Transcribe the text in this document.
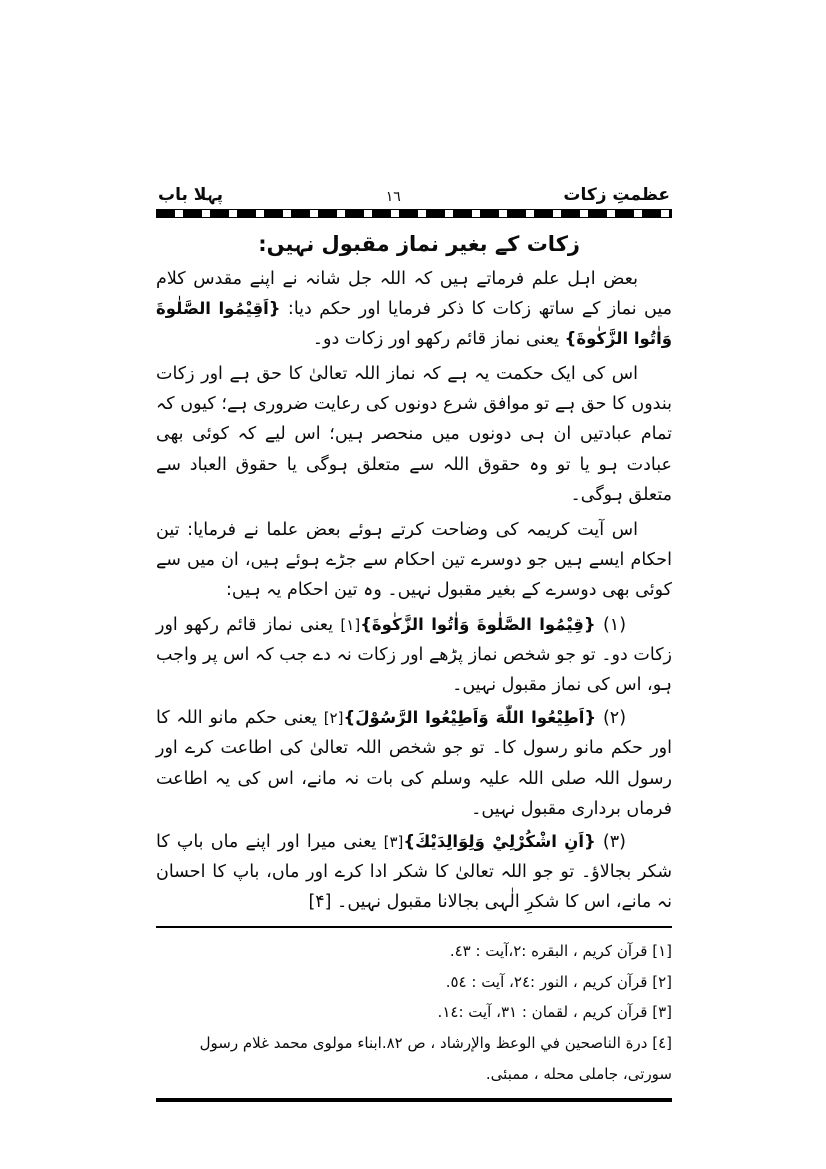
عظمتِ زکات
١٦
پہلا باب
زکات کے بغیر نماز مقبول نہیں:

بعض اہل علم فرماتے ہیں کہ اللہ جل شانہ نے اپنے مقدس کلام میں نماز کے ساتھ زکات کا ذکر فرمایا اور حکم دیا: {اَقِيْمُوا الصَّلٰوةَ وَاٰتُوا الزَّكٰوةَ} یعنی نماز قائم رکھو اور زکات دو۔

اس کی ایک حکمت یہ ہے کہ نماز اللہ تعالیٰ کا حق ہے اور زکات بندوں کا حق ہے تو موافق شرع دونوں کی رعایت ضروری ہے؛ کیوں کہ تمام عبادتیں ان ہی دونوں میں منحصر ہیں؛ اس لیے کہ کوئی بھی عبادت ہو یا تو وہ حقوق اللہ سے متعلق ہوگی یا حقوق العباد سے متعلق ہوگی۔

اس آیت کریمہ کی وضاحت کرتے ہوئے بعض علما نے فرمایا: تین احکام ایسے ہیں جو دوسرے تین احکام سے جڑے ہوئے ہیں، ان میں سے کوئی بھی دوسرے کے بغیر مقبول نہیں۔ وہ تین احکام یہ ہیں:

(۱) {قِيْمُوا الصَّلٰوةَ وَاٰتُوا الزَّكٰوةَ}[۱] یعنی نماز قائم رکھو اور زکات دو۔ تو جو شخص نماز پڑھے اور زکات نہ دے جب کہ اس پر واجب ہو، اس کی نماز مقبول نہیں۔

(۲) {اَطِيْعُوا اللّٰهَ وَاَطِيْعُوا الرَّسُوْلَ}[۲] یعنی حکم مانو اللہ کا اور حکم مانو رسول کا۔ تو جو شخص اللہ تعالیٰ کی اطاعت کرے اور رسول اللہ صلی اللہ علیہ وسلم کی بات نہ مانے، اس کی یہ اطاعت فرماں برداری مقبول نہیں۔

(۳) {اَنِ اشْكُرْلِيْ وَلِوَالِدَيْكَ}[۳] یعنی میرا اور اپنے ماں باپ کا شکر بجالاؤ۔ تو جو اللہ تعالیٰ کا شکر ادا کرے اور ماں، باپ کا احسان نہ مانے، اس کا شکرِ الٰہی بجالانا مقبول نہیں۔ [۴]

[١] قرآن كريم ، البقره :٢،آيت : ٤٣.

[٢] قرآن كريم ، النور :٢٤، آيت : ٥٤.

[٣] قرآن كريم ، لقمان : ٣١، آيت :١٤.

[٤] درة الناصحين في الوعظ والإرشاد ، ص ٨٢.ابناء مولوى محمد غلام رسول سورتى، جاملى محله ، ممبئى.
